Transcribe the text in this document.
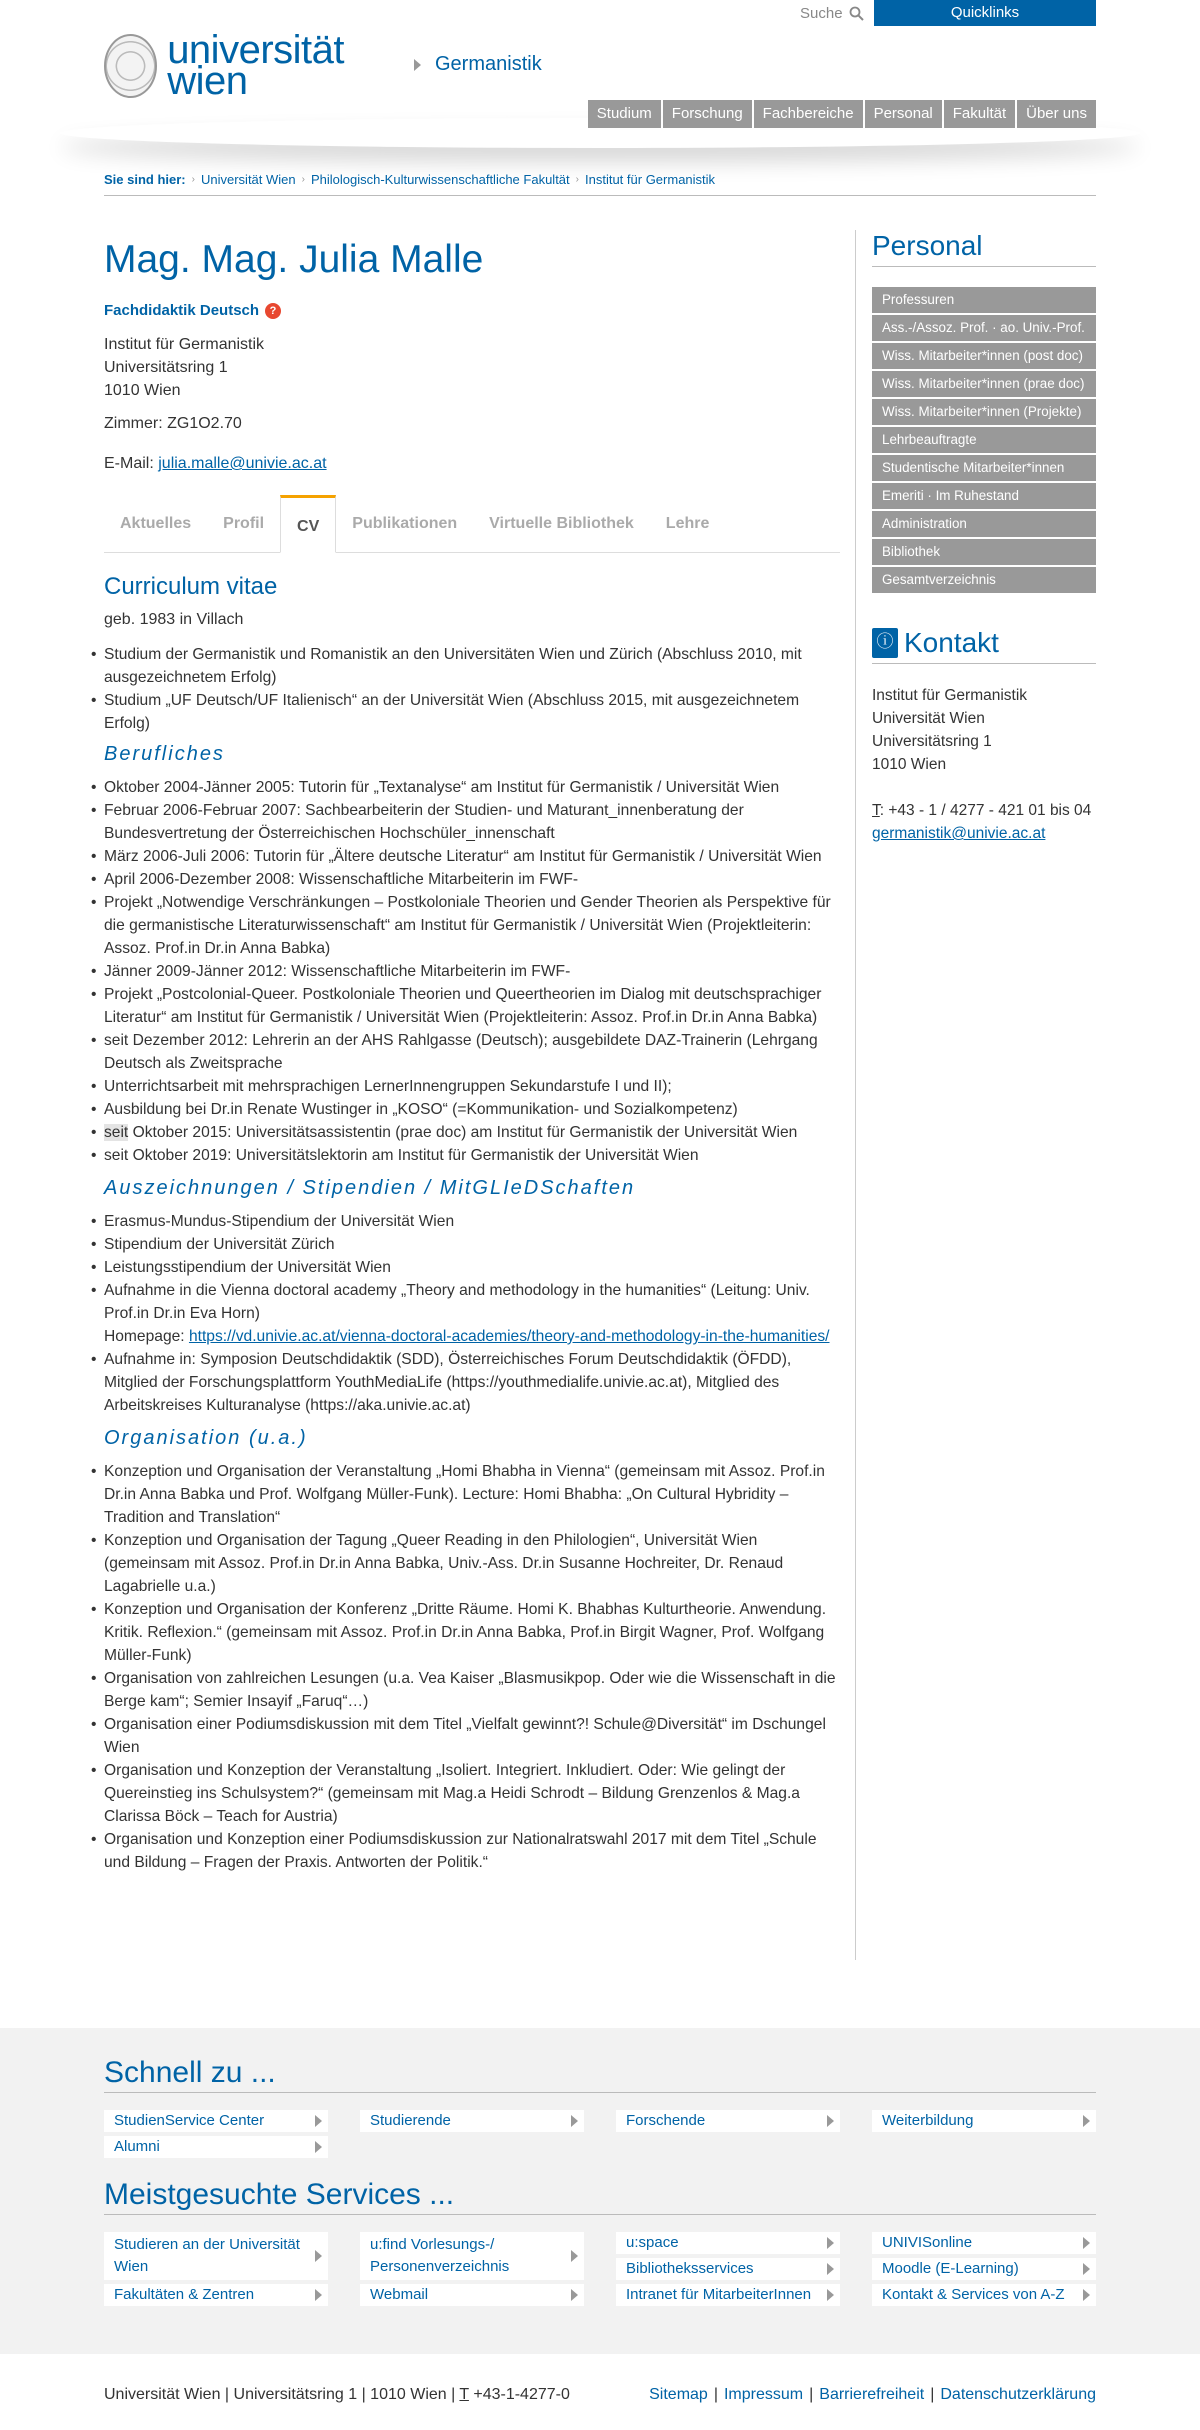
Suche	Quicklinks
universität
wien	Germanistik
Studium	Forschung	Fachbereiche	Personal	Fakultät	Über uns
Sie sind hier: › Universität Wien › Philologisch-Kulturwissenschaftliche Fakultät › Institut für Germanistik
Mag. Mag. Julia Malle
Fachdidaktik Deutsch ?
Institut für Germanistik
Universitätsring 1
1010 Wien
Zimmer: ZG1O2.70
E-Mail: julia.malle@univie.ac.at
Aktuelles	Profil	CV	Publikationen	Virtuelle Bibliothek	Lehre
Curriculum vitae
geb. 1983 in Villach
• Studium der Germanistik und Romanistik an den Universitäten Wien und Zürich (Abschluss 2010, mit ausgezeichnetem Erfolg)
• Studium „UF Deutsch/UF Italienisch“ an der Universität Wien (Abschluss 2015, mit ausgezeichnetem Erfolg)
Berufliches
• Oktober 2004-Jänner 2005: Tutorin für „Textanalyse“ am Institut für Germanistik / Universität Wien
• Februar 2006-Februar 2007: Sachbearbeiterin der Studien- und Maturant_innenberatung der Bundesvertretung der Österreichischen Hochschüler_innenschaft
• März 2006-Juli 2006: Tutorin für „Ältere deutsche Literatur“ am Institut für Germanistik / Universität Wien
• April 2006-Dezember 2008: Wissenschaftliche Mitarbeiterin im FWF-
• Projekt „Notwendige Verschränkungen – Postkoloniale Theorien und Gender Theorien als Perspektive für die germanistische Literaturwissenschaft“ am Institut für Germanistik / Universität Wien (Projektleiterin: Assoz. Prof.in Dr.in Anna Babka)
• Jänner 2009-Jänner 2012: Wissenschaftliche Mitarbeiterin im FWF-
• Projekt „Postcolonial-Queer. Postkoloniale Theorien und Queertheorien im Dialog mit deutschsprachiger Literatur“ am Institut für Germanistik / Universität Wien (Projektleiterin: Assoz. Prof.in Dr.in Anna Babka)
• seit Dezember 2012: Lehrerin an der AHS Rahlgasse (Deutsch); ausgebildete DAZ-Trainerin (Lehrgang Deutsch als Zweitsprache
• Unterrichtsarbeit mit mehrsprachigen LernerInnengruppen Sekundarstufe I und II);
• Ausbildung bei Dr.in Renate Wustinger in „KOSO“ (=Kommunikation- und Sozialkompetenz)
• seit Oktober 2015: Universitätsassistentin (prae doc) am Institut für Germanistik der Universität Wien
• seit Oktober 2019: Universitätslektorin am Institut für Germanistik der Universität Wien
Auszeichnungen / Stipendien / MitGLIeDSchaften
• Erasmus-Mundus-Stipendium der Universität Wien
• Stipendium der Universität Zürich
• Leistungsstipendium der Universität Wien
• Aufnahme in die Vienna doctoral academy „Theory and methodology in the humanities“ (Leitung: Univ. Prof.in Dr.in Eva Horn)
Homepage: https://vd.univie.ac.at/vienna-doctoral-academies/theory-and-methodology-in-the-humanities/
• Aufnahme in: Symposion Deutschdidaktik (SDD), Österreichisches Forum Deutschdidaktik (ÖFDD), Mitglied der Forschungsplattform YouthMediaLife (https://youthmedialife.univie.ac.at), Mitglied des Arbeitskreises Kulturanalyse (https://aka.univie.ac.at)
Organisation (u.a.)
• Konzeption und Organisation der Veranstaltung „Homi Bhabha in Vienna“ (gemeinsam mit Assoz. Prof.in Dr.in Anna Babka und Prof. Wolfgang Müller-Funk). Lecture: Homi Bhabha: „On Cultural Hybridity – Tradition and Translation“
• Konzeption und Organisation der Tagung „Queer Reading in den Philologien“, Universität Wien (gemeinsam mit Assoz. Prof.in Dr.in Anna Babka, Univ.-Ass. Dr.in Susanne Hochreiter, Dr. Renaud Lagabrielle u.a.)
• Konzeption und Organisation der Konferenz „Dritte Räume. Homi K. Bhabhas Kulturtheorie. Anwendung. Kritik. Reflexion.“ (gemeinsam mit Assoz. Prof.in Dr.in Anna Babka, Prof.in Birgit Wagner, Prof. Wolfgang Müller-Funk)
• Organisation von zahlreichen Lesungen (u.a. Vea Kaiser „Blasmusikpop. Oder wie die Wissenschaft in die Berge kam“; Semier Insayif „Faruq“…)
• Organisation einer Podiumsdiskussion mit dem Titel „Vielfalt gewinnt?! Schule@Diversität“ im Dschungel Wien
• Organisation und Konzeption der Veranstaltung „Isoliert. Integriert. Inkludiert. Oder: Wie gelingt der Quereinstieg ins Schulsystem?“ (gemeinsam mit Mag.a Heidi Schrodt – Bildung Grenzenlos & Mag.a Clarissa Böck – Teach for Austria)
• Organisation und Konzeption einer Podiumsdiskussion zur Nationalratswahl 2017 mit dem Titel „Schule und Bildung – Fragen der Praxis. Antworten der Politik.“
Personal
Professuren
Ass.-/Assoz. Prof. · ao. Univ.-Prof.
Wiss. Mitarbeiter*innen (post doc)
Wiss. Mitarbeiter*innen (prae doc)
Wiss. Mitarbeiter*innen (Projekte)
Lehrbeauftragte
Studentische Mitarbeiter*innen
Emeriti · Im Ruhestand
Administration
Bibliothek
Gesamtverzeichnis
ⓘ Kontakt
Institut für Germanistik
Universität Wien
Universitätsring 1
1010 Wien
T: +43 - 1 / 4277 - 421 01 bis 04
germanistik@univie.ac.at
Schnell zu ...
StudienService Center	Studierende	Forschende	Weiterbildung
Alumni
Meistgesuchte Services ...
Studieren an der Universität Wien
u:find Vorlesungs-/ Personenverzeichnis
u:space
Bibliotheksservices
UNIVISonline
Moodle (E-Learning)
Fakultäten & Zentren	Webmail	Intranet für MitarbeiterInnen	Kontakt & Services von A-Z
Universität Wien | Universitätsring 1 | 1010 Wien | T +43-1-4277-0	Sitemap | Impressum | Barrierefreiheit | Datenschutzerklärung
